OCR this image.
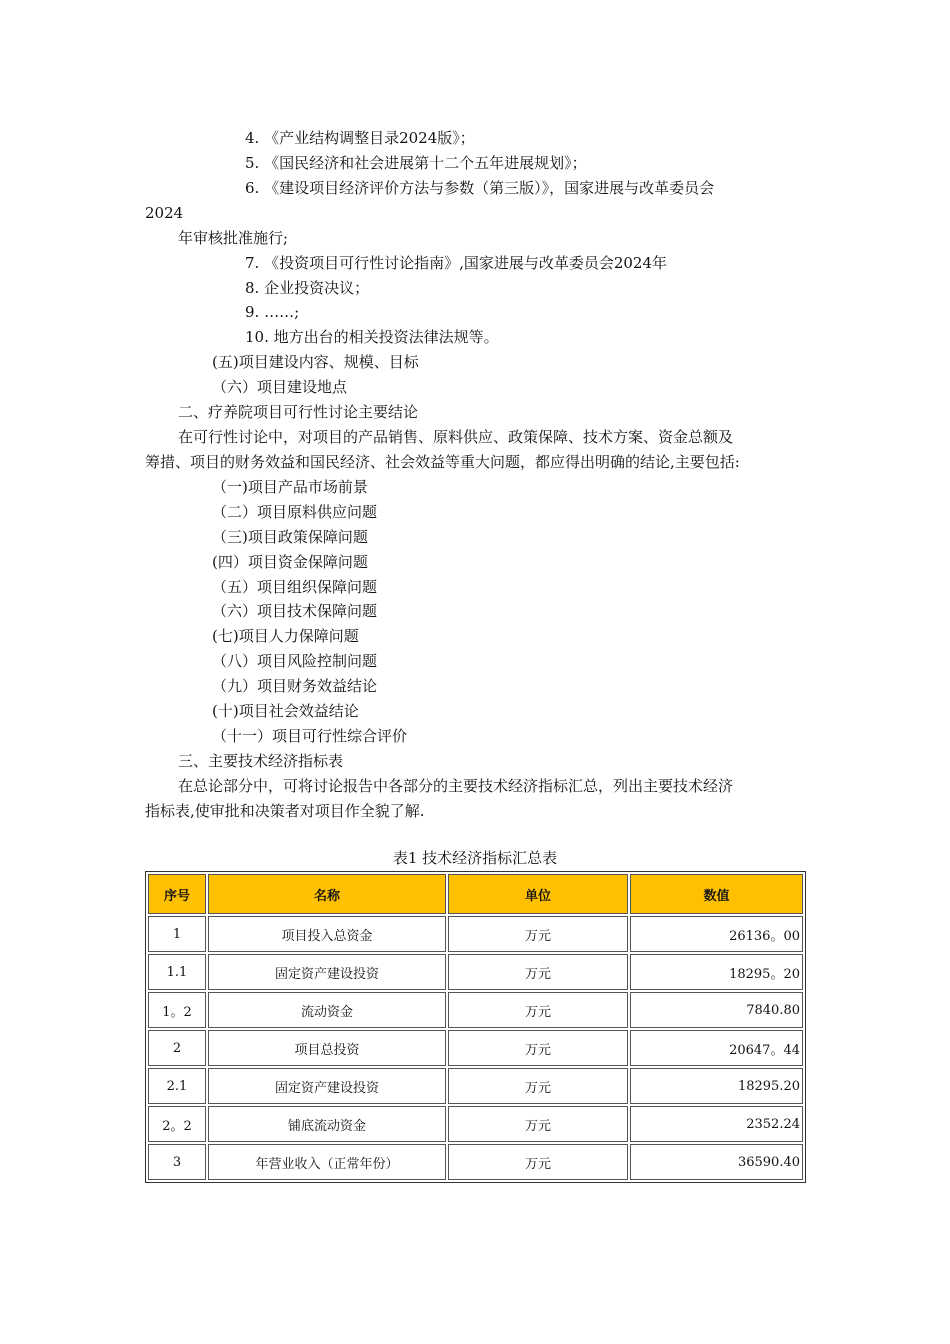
4. 《产业结构调整目录2024版》；
5. 《国民经济和社会进展第十二个五年进展规划》；
6. 《建设项目经济评价方法与参数（第三版）》，国家进展与改革委员会
2024
年审核批准施行;
7. 《投资项目可行性讨论指南》,国家进展与改革委员会2024年
8. 企业投资决议；
9. ……;
10. 地方出台的相关投资法律法规等。
(五)项目建设内容、规模、目标
（六）项目建设地点
二、疗养院项目可行性讨论主要结论
在可行性讨论中，对项目的产品销售、原料供应、政策保障、技术方案、资金总额及
筹措、项目的财务效益和国民经济、社会效益等重大问题，都应得出明确的结论,主要包括:
（一)项目产品市场前景
（二）项目原料供应问题
（三)项目政策保障问题
(四）项目资金保障问题
（五）项目组织保障问题
（六）项目技术保障问题
(七)项目人力保障问题
（八）项目风险控制问题
（九）项目财务效益结论
(十)项目社会效益结论
（十一）项目可行性综合评价
三、主要技术经济指标表
在总论部分中，可将讨论报告中各部分的主要技术经济指标汇总，列出主要技术经济
指标表,使审批和决策者对项目作全貌了解.
表1 技术经济指标汇总表
序号	名称	单位	数值
1	项目投入总资金	万元	26136。00
1.1	固定资产建设投资	万元	18295。20
1。2	流动资金	万元	7840.80
2	项目总投资	万元	20647。44
2.1	固定资产建设投资	万元	18295.20
2。2	铺底流动资金	万元	2352.24
3	年营业收入（正常年份）	万元	36590.40
